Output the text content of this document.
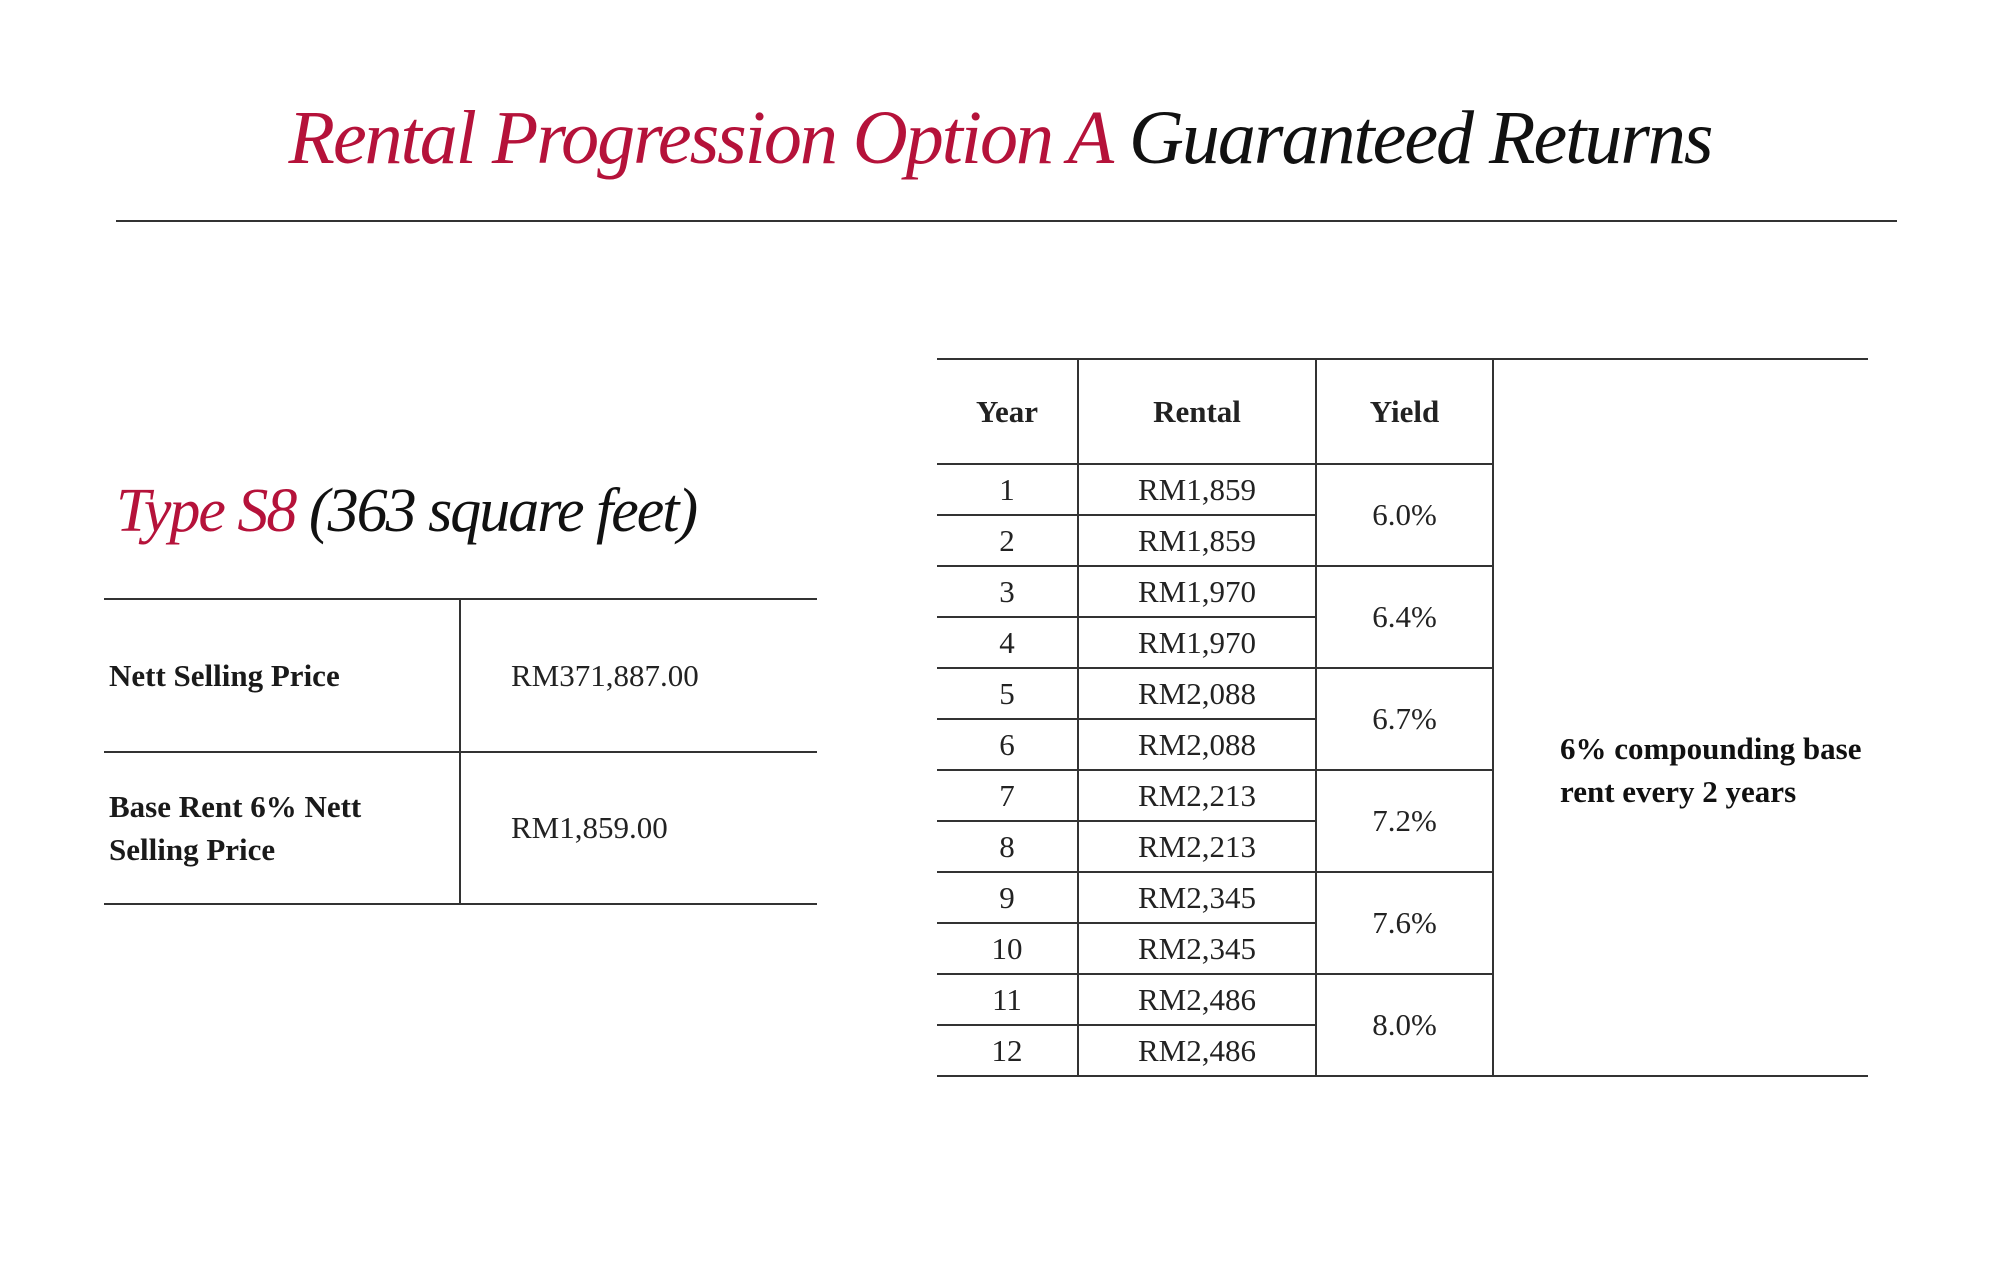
Rental Progression Option A Guaranteed Returns
Type S8 (363 square feet)
Nett Selling Price	RM371,887.00
Base Rent 6% Nett Selling Price	RM1,859.00
Year	Rental	Yield	
1	RM1,859	6.0%	6% compounding base rent every 2 years
2	RM1,859		
3	RM1,970	6.4%	
4	RM1,970		
5	RM2,088	6.7%	
6	RM2,088		
7	RM2,213	7.2%	
8	RM2,213		
9	RM2,345	7.6%	
10	RM2,345		
11	RM2,486	8.0%	
12	RM2,486		
